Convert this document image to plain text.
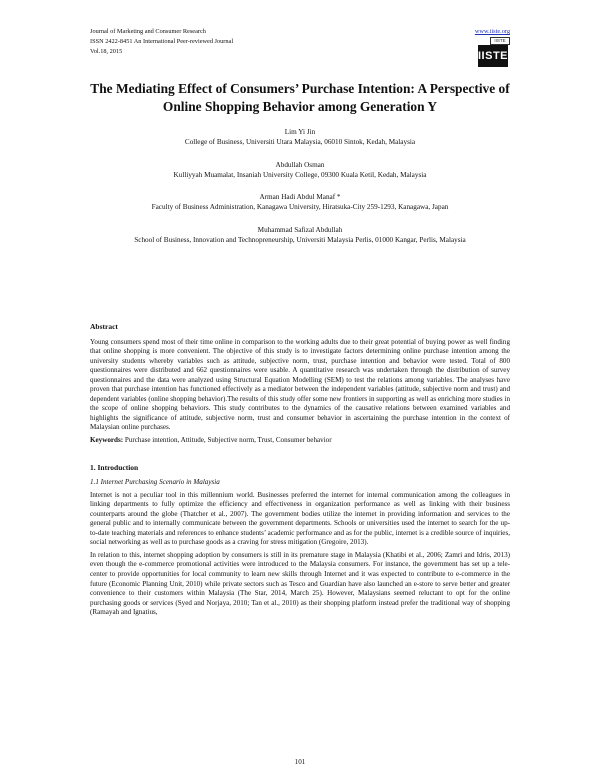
Journal of Marketing and Consumer Research
ISSN 2422-8451 An International Peer-reviewed Journal
Vol.18, 2015
www.iiste.org
IISTE
IISTE
The Mediating Effect of Consumers’ Purchase Intention: A Perspective of Online Shopping Behavior among Generation Y
Lim Yi Jin
College of Business, Universiti Utara Malaysia, 06010 Sintok, Kedah, Malaysia
Abdullah Osman
Kulliyyah Muamalat, Insaniah University College, 09300 Kuala Ketil, Kedah, Malaysia
Arman Hadi Abdul Manaf *
Faculty of Business Administration, Kanagawa University, Hiratsuka-City 259-1293, Kanagawa, Japan
Muhammad Safizal Abdullah
School of Business, Innovation and Technopreneurship, Universiti Malaysia Perlis, 01000 Kangar, Perlis, Malaysia
Abstract

Young consumers spend most of their time online in comparison to the working adults due to their great potential of buying power as well finding that online shopping is more convenient. The objective of this study is to investigate factors determining online purchase intention among the university students whereby variables such as attitude, subjective norm, trust, purchase intention and behavior were tested. Total of 800 questionnaires were distributed and 662 questionnaires were usable. A quantitative research was undertaken through the distribution of survey questionnaires and the data were analyzed using Structural Equation Modelling (SEM) to test the relations among variables. The analyses have proven that purchase intention has functioned effectively as a mediator between the independent variables (attitude, subjective norm and trust) and dependent variables (online shopping behavior).The results of this study offer some new frontiers in supporting as well as enriching more studies in the scope of online shopping behaviors. This study contributes to the dynamics of the causative relations between examined variables and highlights the significance of attitude, subjective norm, trust and consumer behavior in ascertaining the purchase intention in the context of Malaysian online purchases.

Keywords: Purchase intention, Attitude, Subjective norm, Trust, Consumer behavior

1. Introduction
1.1 Internet Purchasing Scenario in Malaysia

Internet is not a peculiar tool in this millennium world. Businesses preferred the internet for internal communication among the colleagues in linking departments to fully optimize the efficiency and effectiveness in organization performance as well as linking with their business counterparts around the globe (Thatcher et al., 2007). The government bodies utilize the internet in providing information and services to the general public and to internally communicate between the government departments. Schools or universities used the internet to search for the up-to-date teaching materials and references to enhance students’ academic performance and as for the public, internet is a credible source of inquiries, social networking as well as to purchase goods as a craving for stress mitigation (Gregoire, 2013).

In relation to this, internet shopping adoption by consumers is still in its premature stage in Malaysia (Khatibi et al., 2006; Zamri and Idris, 2013) even though the e-commerce promotional activities were introduced to the Malaysia consumers. For instance, the government has set up a tele-center to provide opportunities for local community to learn new skills through Internet and it was expected to contribute to e-commerce in the future (Economic Planning Unit, 2010) while private sectors such as Tesco and Guardian have also launched an e-store to serve better and greater convenience to their customers within Malaysia (The Star, 2014, March 25). However, Malaysians seemed reluctant to opt for the online purchasing goods or services (Syed and Norjaya, 2010; Tan et al., 2010) as their shopping platform instead prefer the traditional way of shopping (Ramayah and Ignatius,

101
